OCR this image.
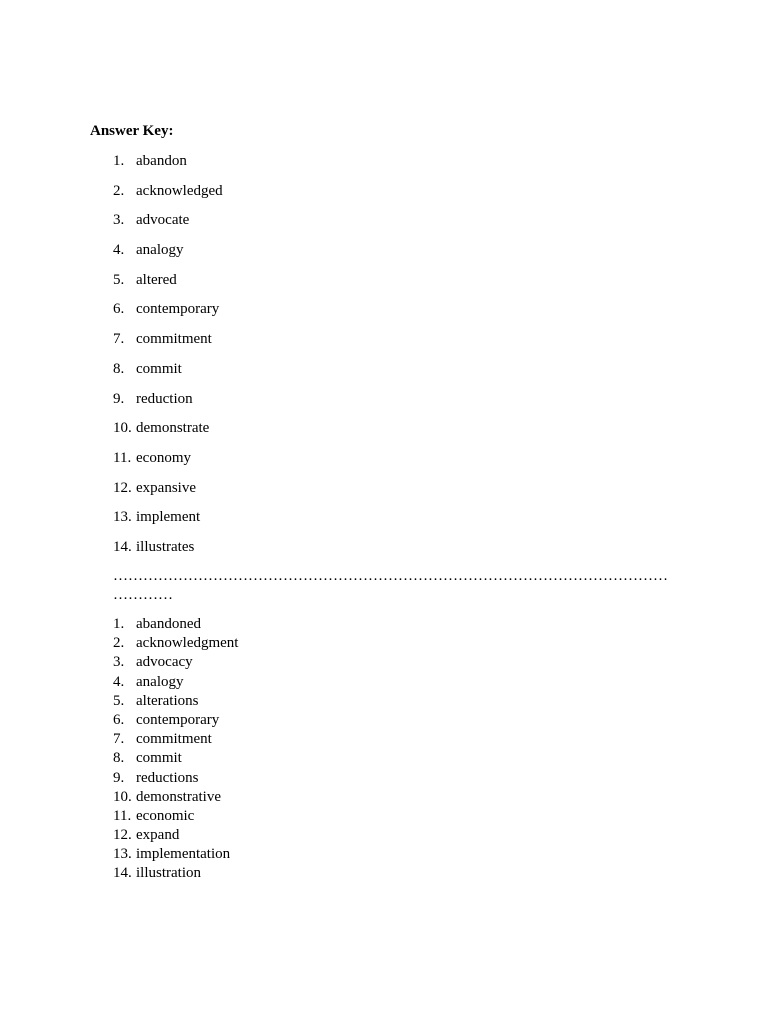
Answer Key:
1. abandon
2. acknowledged
3. advocate
4. analogy
5. altered
6. contemporary
7. commitment
8. commit
9. reduction
10. demonstrate
11. economy
12. expansive
13. implement
14. illustrates
……………………………………………………………………………………………………………
1. abandoned
2. acknowledgment
3. advocacy
4. analogy
5. alterations
6. contemporary
7. commitment
8. commit
9. reductions
10. demonstrative
11. economic
12. expand
13. implementation
14. illustration
